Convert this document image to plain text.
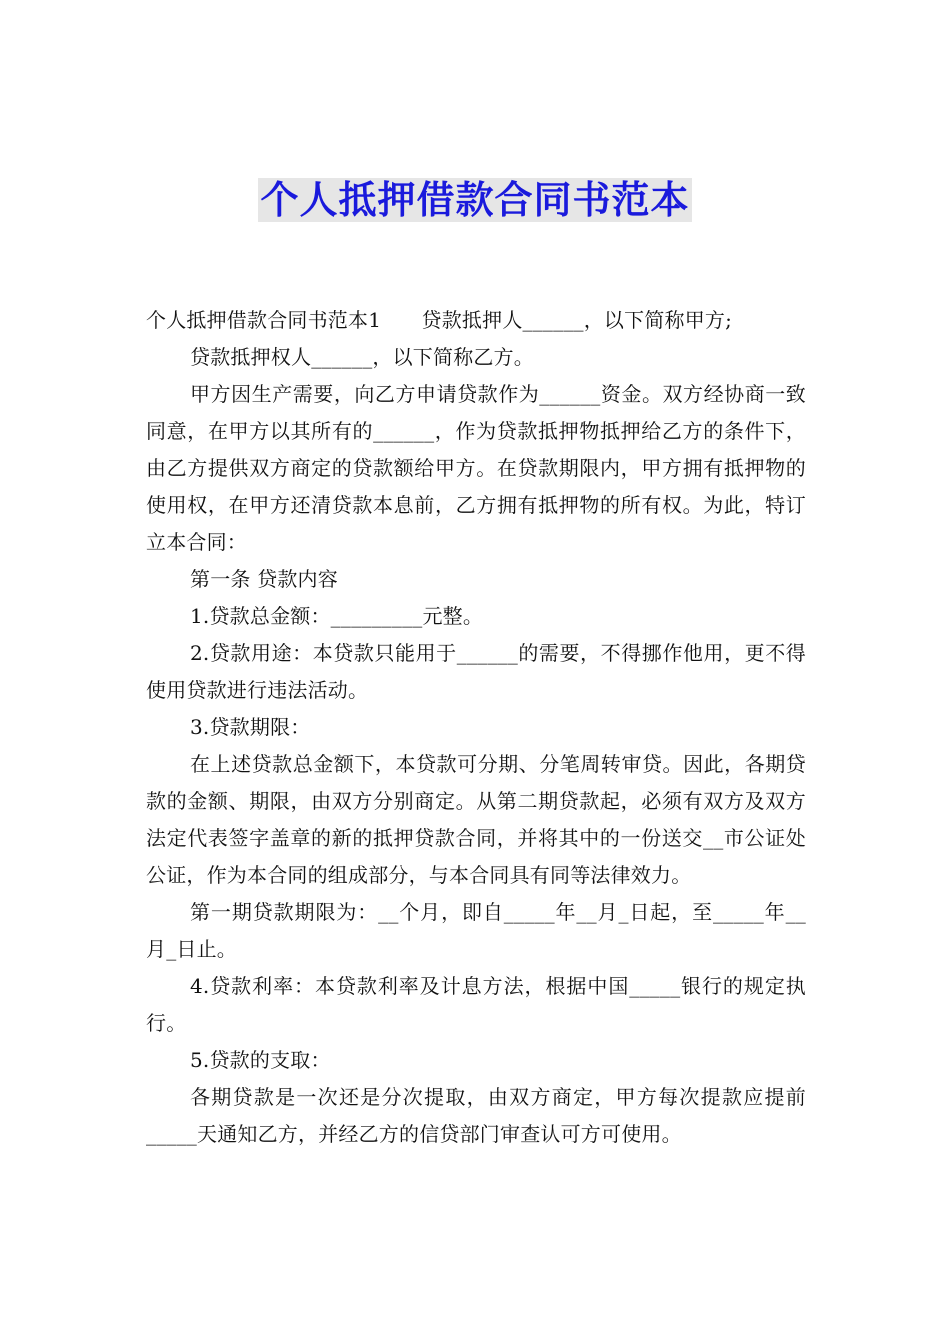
个人抵押借款合同书范本

个人抵押借款合同书范本1　　贷款抵押人______，以下简称甲方;

贷款抵押权人______，以下简称乙方。

甲方因生产需要，向乙方申请贷款作为______资金。双方经协商一致同意，在甲方以其所有的______，作为贷款抵押物抵押给乙方的条件下，由乙方提供双方商定的贷款额给甲方。在贷款期限内，甲方拥有抵押物的使用权，在甲方还清贷款本息前，乙方拥有抵押物的所有权。为此，特订立本合同：

第一条 贷款内容

1.贷款总金额：_________元整。

2.贷款用途：本贷款只能用于______的需要，不得挪作他用，更不得使用贷款进行违法活动。

3.贷款期限：

在上述贷款总金额下，本贷款可分期、分笔周转审贷。因此，各期贷款的金额、期限，由双方分别商定。从第二期贷款起，必须有双方及双方法定代表签字盖章的新的抵押贷款合同，并将其中的一份送交__市公证处公证，作为本合同的组成部分，与本合同具有同等法律效力。

第一期贷款期限为：__个月，即自_____年__月_日起，至_____年__月_日止。

4.贷款利率：本贷款利率及计息方法，根据中国_____银行的规定执行。

5.贷款的支取：

各期贷款是一次还是分次提取，由双方商定，甲方每次提款应提前_____天通知乙方，并经乙方的信贷部门审查认可方可使用。
